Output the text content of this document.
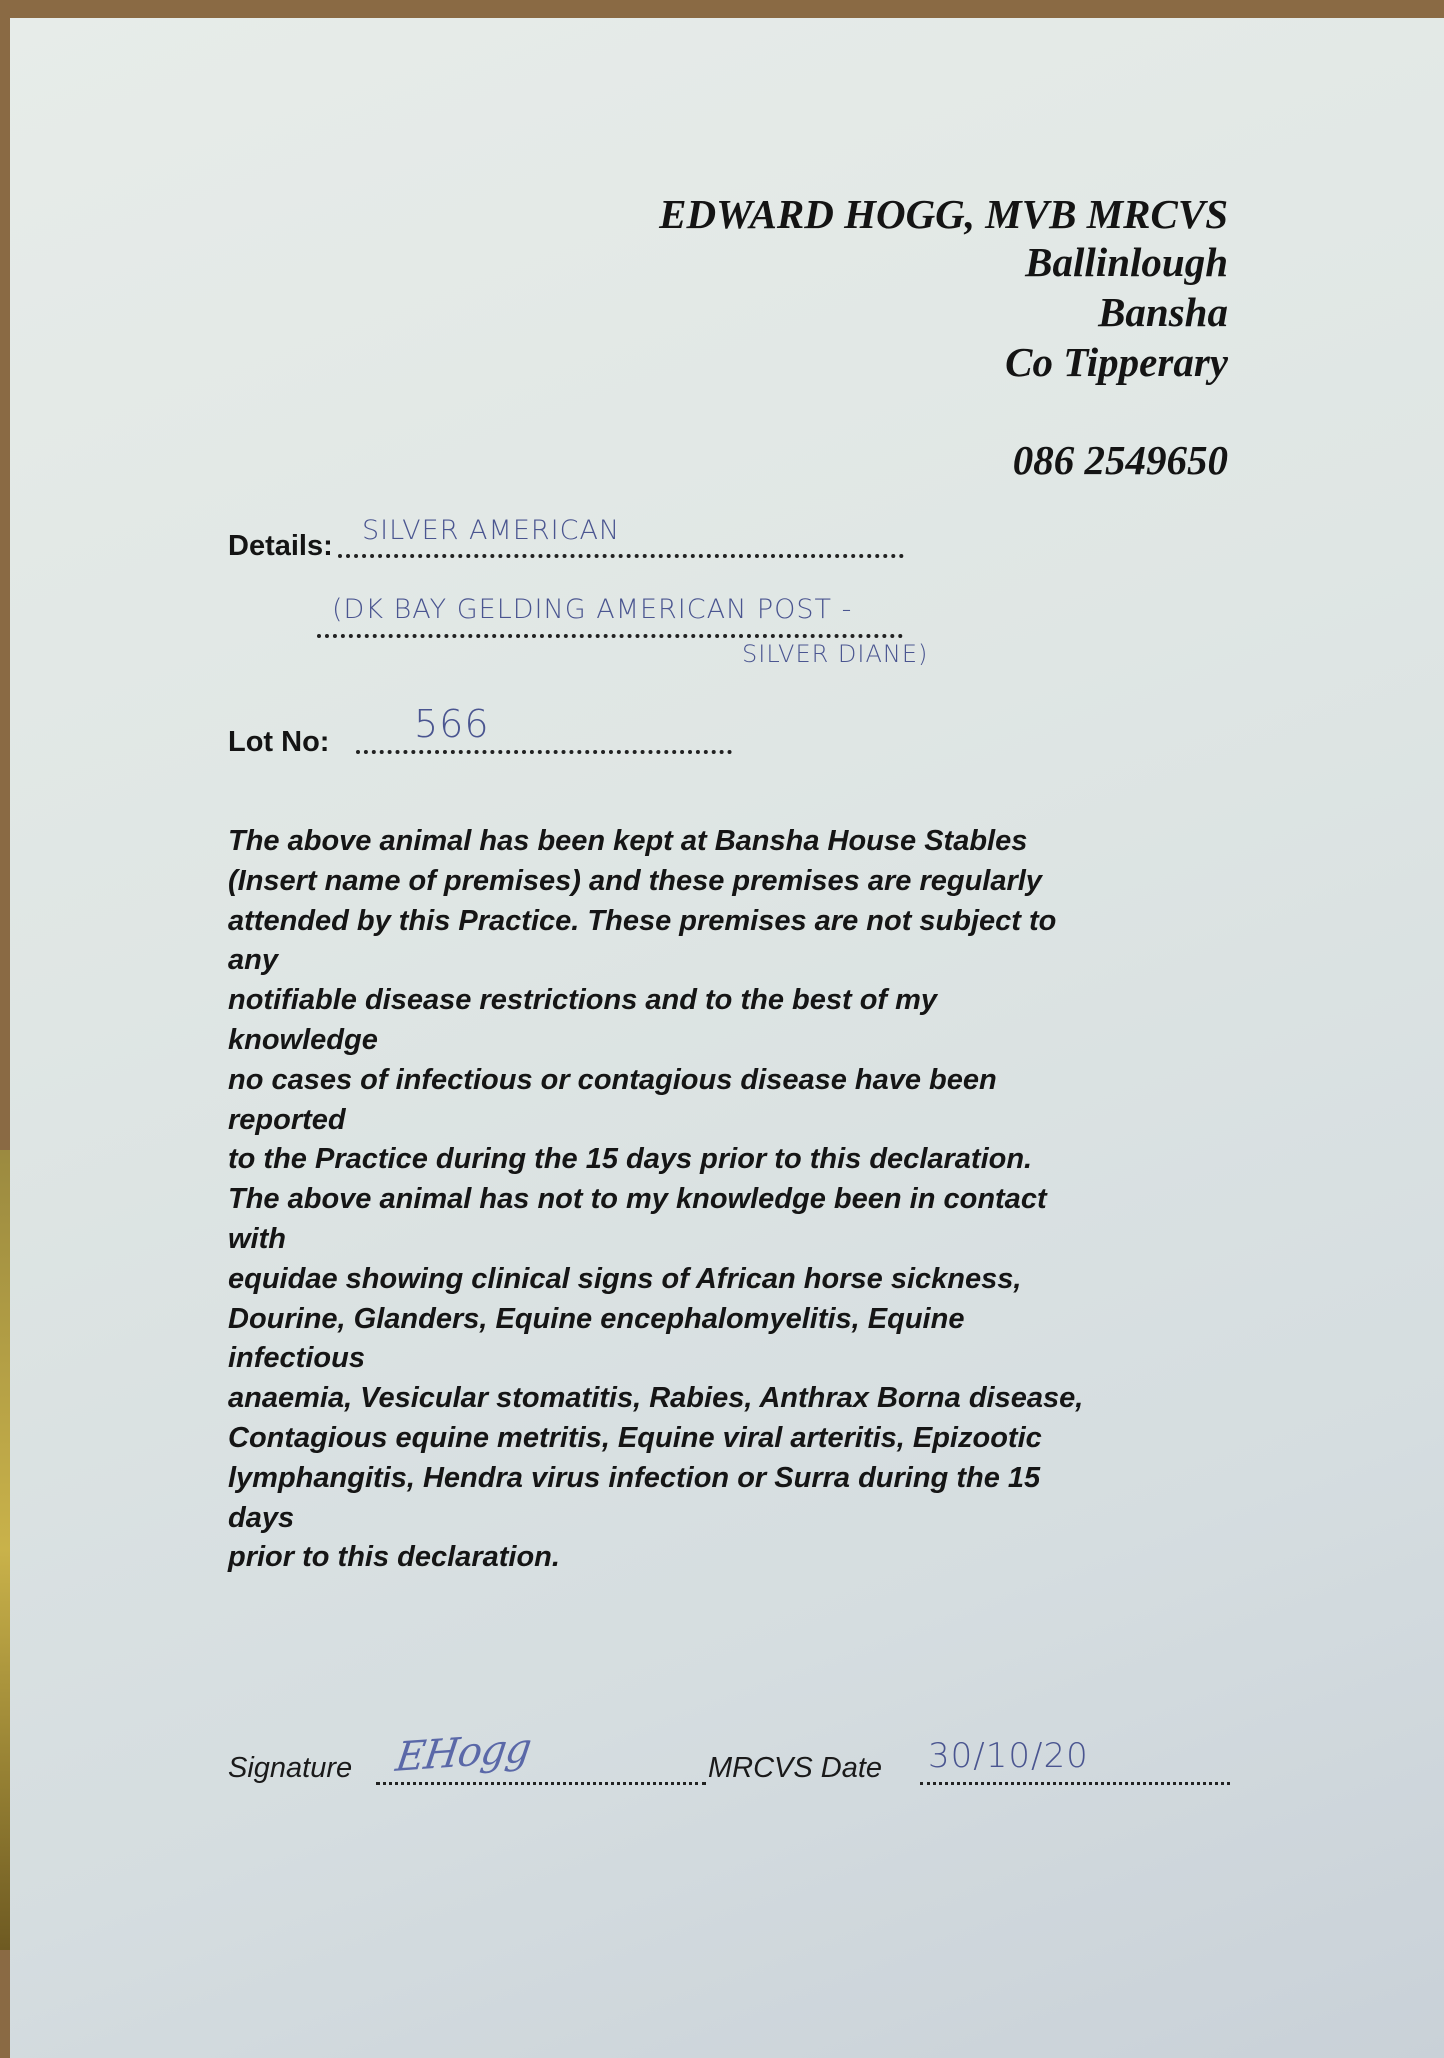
EDWARD HOGG, MVB MRCVS
Ballinlough
Bansha
Co Tipperary
086 2549650
Details: SILVER AMERICAN
(DK BAY GELDING AMERICAN POST -
SILVER DIANE)
Lot No: 566
The above animal has been kept at Bansha House Stables
(Insert name of premises) and these premises are regularly
attended by this Practice. These premises are not subject to
any
notifiable disease restrictions and to the best of my
knowledge
no cases of infectious or contagious disease have been
reported
to the Practice during the 15 days prior to this declaration.
The above animal has not to my knowledge been in contact
with
equidae showing clinical signs of African horse sickness,
Dourine, Glanders, Equine encephalomyelitis, Equine
infectious
anaemia, Vesicular stomatitis, Rabies, Anthrax Borna disease,
Contagious equine metritis, Equine viral arteritis, Epizootic
lymphangitis, Hendra virus infection or Surra during the 15
days
prior to this declaration.
Signature EHogg	MRCVS Date 30/10/20
